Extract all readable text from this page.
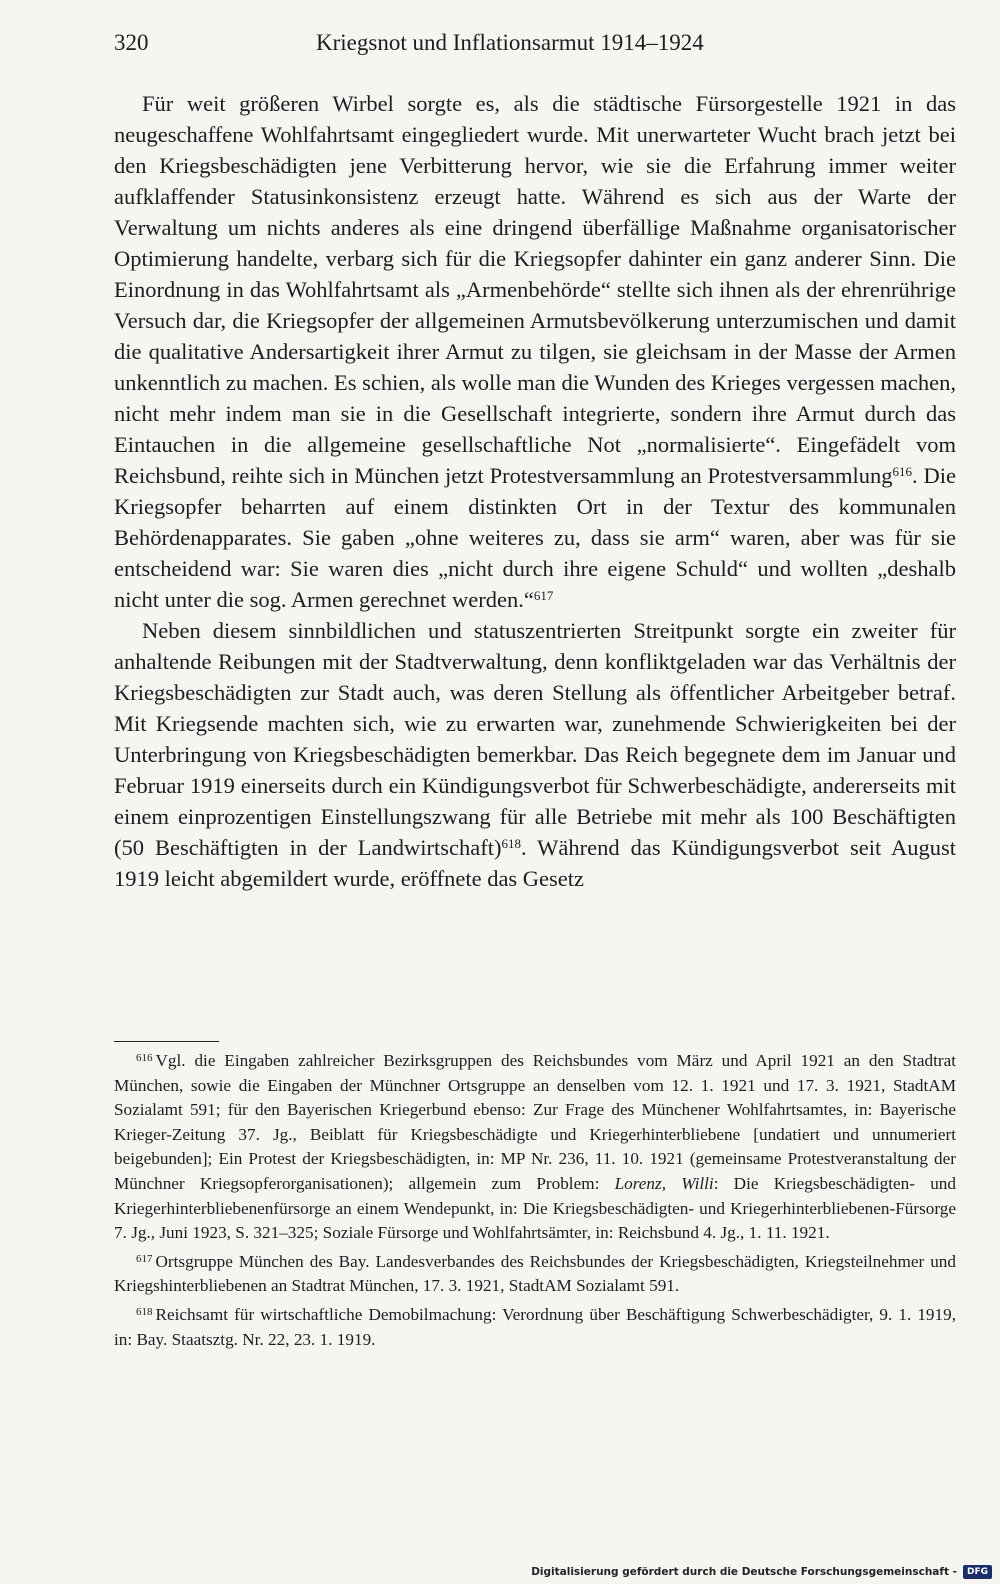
320	Kriegsnot und Inflationsarmut 1914–1924

Für weit größeren Wirbel sorgte es, als die städtische Fürsorgestelle 1921 in das neugeschaffene Wohlfahrtsamt eingegliedert wurde. Mit unerwarteter Wucht brach jetzt bei den Kriegsbeschädigten jene Verbitterung hervor, wie sie die Erfahrung immer weiter aufklaffender Statusinkonsistenz erzeugt hatte. Während es sich aus der Warte der Verwaltung um nichts anderes als eine dringend überfällige Maßnahme organisatorischer Optimierung handelte, verbarg sich für die Kriegsopfer dahinter ein ganz anderer Sinn. Die Einordnung in das Wohlfahrtsamt als „Armenbehörde“ stellte sich ihnen als der ehrenrührige Versuch dar, die Kriegsopfer der allgemeinen Armutsbevölkerung unterzumischen und damit die qualitative Andersartigkeit ihrer Armut zu tilgen, sie gleichsam in der Masse der Armen unkenntlich zu machen. Es schien, als wolle man die Wunden des Krieges vergessen machen, nicht mehr indem man sie in die Gesellschaft integrierte, sondern ihre Armut durch das Eintauchen in die allgemeine gesellschaftliche Not „normalisierte“. Eingefädelt vom Reichsbund, reihte sich in München jetzt Protestversammlung an Protestversammlung$^{616}$. Die Kriegsopfer beharrten auf einem distinkten Ort in der Textur des kommunalen Behördenapparates. Sie gaben „ohne weiteres zu, dass sie arm“ waren, aber was für sie entscheidend war: Sie waren dies „nicht durch ihre eigene Schuld“ und wollten „deshalb nicht unter die sog. Armen gerechnet werden.“$^{617}$

Neben diesem sinnbildlichen und statuszentrierten Streitpunkt sorgte ein zweiter für anhaltende Reibungen mit der Stadtverwaltung, denn konfliktgeladen war das Verhältnis der Kriegsbeschädigten zur Stadt auch, was deren Stellung als öffentlicher Arbeitgeber betraf. Mit Kriegsende machten sich, wie zu erwarten war, zunehmende Schwierigkeiten bei der Unterbringung von Kriegsbeschädigten bemerkbar. Das Reich begegnete dem im Januar und Februar 1919 einerseits durch ein Kündigungsverbot für Schwerbeschädigte, andererseits mit einem einprozentigen Einstellungszwang für alle Betriebe mit mehr als 100 Beschäftigten (50 Beschäftigten in der Landwirtschaft)$^{618}$. Während das Kündigungsverbot seit August 1919 leicht abgemildert wurde, eröffnete das Gesetz

$^{616}$ Vgl. die Eingaben zahlreicher Bezirksgruppen des Reichsbundes vom März und April 1921 an den Stadtrat München, sowie die Eingaben der Münchner Ortsgruppe an denselben vom 12. 1. 1921 und 17. 3. 1921, StadtAM Sozialamt 591; für den Bayerischen Kriegerbund ebenso: Zur Frage des Münchener Wohlfahrtsamtes, in: Bayerische Krieger-Zeitung 37. Jg., Beiblatt für Kriegsbeschädigte und Kriegerhinterbliebene [undatiert und unnumeriert beigebunden]; Ein Protest der Kriegsbeschädigten, in: MP Nr. 236, 11. 10. 1921 (gemeinsame Protestveranstaltung der Münchner Kriegsopferorganisationen); allgemein zum Problem: Lorenz, Willi: Die Kriegsbeschädigten- und Kriegerhinterbliebenenfürsorge an einem Wendepunkt, in: Die Kriegsbeschädigten- und Kriegerhinterbliebenen-Fürsorge 7. Jg., Juni 1923, S. 321–325; Soziale Fürsorge und Wohlfahrtsämter, in: Reichsbund 4. Jg., 1. 11. 1921.

$^{617}$ Ortsgruppe München des Bay. Landesverbandes des Reichsbundes der Kriegsbeschädigten, Kriegsteilnehmer und Kriegshinterbliebenen an Stadtrat München, 17. 3. 1921, StadtAM Sozialamt 591.

$^{618}$ Reichsamt für wirtschaftliche Demobilmachung: Verordnung über Beschäftigung Schwerbeschädigter, 9. 1. 1919, in: Bay. Staatsztg. Nr. 22, 23. 1. 1919.

Digitalisierung gefördert durch die Deutsche Forschungsgemeinschaft -	DFG
